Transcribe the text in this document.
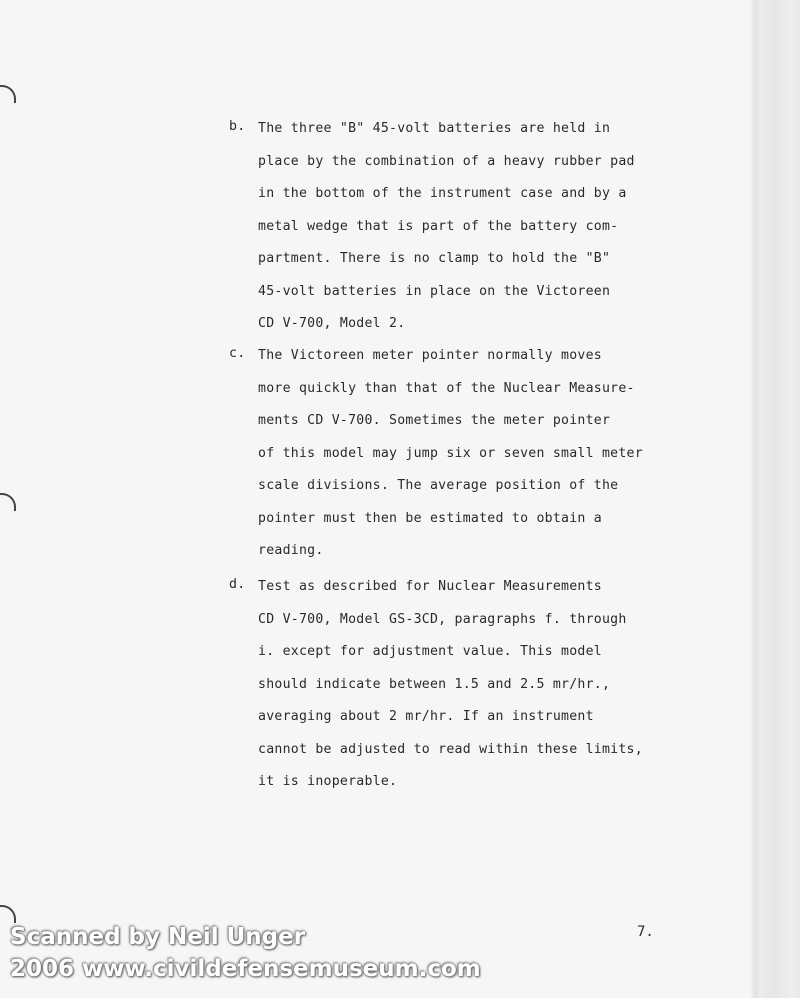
b. The three "B" 45-volt batteries are held in
place by the combination of a heavy rubber pad
in the bottom of the instrument case and by a
metal wedge that is part of the battery com-
partment. There is no clamp to hold the "B"
45-volt batteries in place on the Victoreen
CD V-700, Model 2.
c. The Victoreen meter pointer normally moves
more quickly than that of the Nuclear Measure-
ments CD V-700. Sometimes the meter pointer
of this model may jump six or seven small meter
scale divisions. The average position of the
pointer must then be estimated to obtain a
reading.
d. Test as described for Nuclear Measurements
CD V-700, Model GS-3CD, paragraphs f. through
i. except for adjustment value. This model
should indicate between 1.5 and 2.5 mr/hr.,
averaging about 2 mr/hr. If an instrument
cannot be adjusted to read within these limits,
it is inoperable.
7.
Scanned by Neil Unger
2006 www.civildefensemuseum.com
